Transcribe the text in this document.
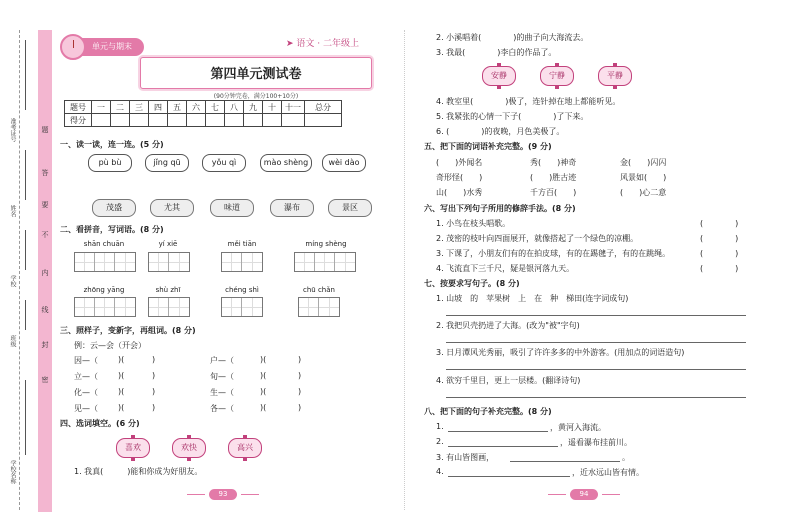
题
答
要
不
内
线
封
密
准考证号
姓名
学校
班级
学校名称
单元与期末	➤ 语文 · 二年级上
第四单元测试卷
(90分钟完卷，满分100+10分)
题号	一	二	三	四	五	六	七	八	九	十	十一	总分
得分												
一、读一读，连一连。(5 分)
pù bù	jǐng qū	yǒu qì	mào shèng	wèi dào
茂盛	尤其	味道	瀑布	景区
二、看拼音，写词语。(8 分)
shān chuān	yí xiē	měi tiān	míng shèng
zhōng yāng	shù zhī	chéng shì	chū chǎn
三、照样子，变新字，再组词。(8 分)
例：云—会（开会）
因—（	)(	)	户—（	)(	)
立—（	)(	)	旬—（	)(	)
化—（	)(	)	生—（	)(	)
见—（	)(	)	各—（	)(	)
四、选词填空。(6 分)
喜欢	欢快	高兴
1. 我真(　　　	)能和你成为好朋友。
93
2. 小溪唱着(　　　　	)的曲子向大海流去。
3. 我最(　　　　	)李白的作品了。
安静	宁静	平静
4. 教室里(　　　　	)极了，连针掉在地上都能听见。
5. 我紧张的心情一下子(　　　　	)了下来。
6. (　　　　	)的夜晚，月色美极了。
五、把下面的词语补充完整。(9 分)
(　　)外闻名	秀(　　)神奇	金(　　)闪闪
奇形怪(　　)	(　　)胜古迹	风景如(　　)
山(　　)水秀	千方百(　　)	(　　)心二意
六、写出下列句子所用的修辞手法。(8 分)
1. 小鸟在枝头唱歌。	(　　　　)
2. 茂密的枝叶向四面展开，就像搭起了一个绿色的凉棚。	(　　　　)
3. 下课了，小朋友们有的在拍皮球，有的在踢毽子，有的在跳绳。	(　　　　)
4. 飞流直下三千尺，疑是银河落九天。	(　　　　)
七、按要求写句子。(8 分)
1. 山坡　的　苹果树　上　在　种　梯田(连字词成句)
2. 我把贝壳扔进了大海。(改为"被"字句)
3. 日月潭风光秀丽，吸引了许许多多的中外游客。(用加点的词语造句)
4. 欲穷千里目，更上一层楼。(翻译诗句)
八、把下面的句子补充完整。(8 分)
1.	，黄河入海流。
2.	，遥看瀑布挂前川。
3. 有山皆图画，	。
4.	，近水远山皆有情。
94
